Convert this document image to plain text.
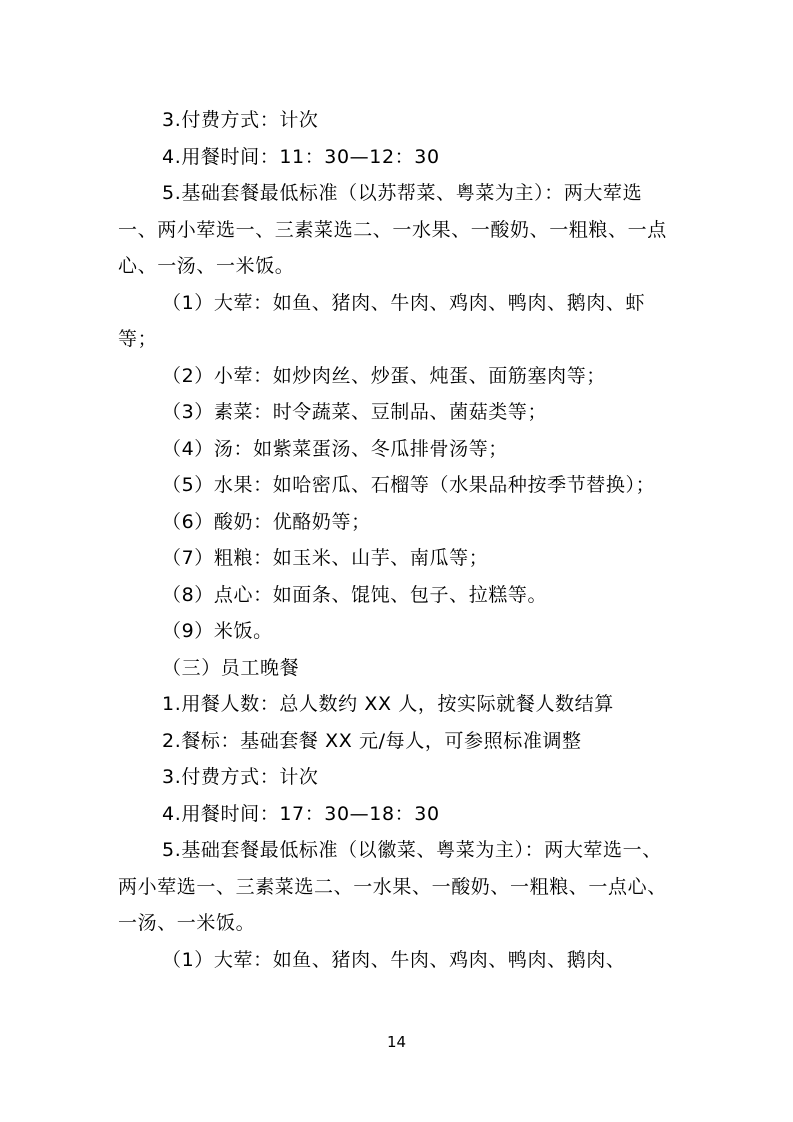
3.付费方式：计次

4.用餐时间：11：30—12：30

5.基础套餐最低标准（以苏帮菜、粤菜为主）：两大荤选一、两小荤选一、三素菜选二、一水果、一酸奶、一粗粮、一点心、一汤、一米饭。

（1）大荤：如鱼、猪肉、牛肉、鸡肉、鸭肉、鹅肉、虾等；

（2）小荤：如炒肉丝、炒蛋、炖蛋、面筋塞肉等；

（3）素菜：时令蔬菜、豆制品、菌菇类等；

（4）汤：如紫菜蛋汤、冬瓜排骨汤等；

（5）水果：如哈密瓜、石榴等（水果品种按季节替换）；

（6）酸奶：优酪奶等；

（7）粗粮：如玉米、山芋、南瓜等；

（8）点心：如面条、馄饨、包子、拉糕等。

（9）米饭。

（三）员工晚餐

1.用餐人数：总人数约 XX 人，按实际就餐人数结算

2.餐标：基础套餐 XX 元/每人，可参照标准调整

3.付费方式：计次

4.用餐时间：17：30—18：30

5.基础套餐最低标准（以徽菜、粤菜为主）：两大荤选一、两小荤选一、三素菜选二、一水果、一酸奶、一粗粮、一点心、一汤、一米饭。

（1）大荤：如鱼、猪肉、牛肉、鸡肉、鸭肉、鹅肉、

14
